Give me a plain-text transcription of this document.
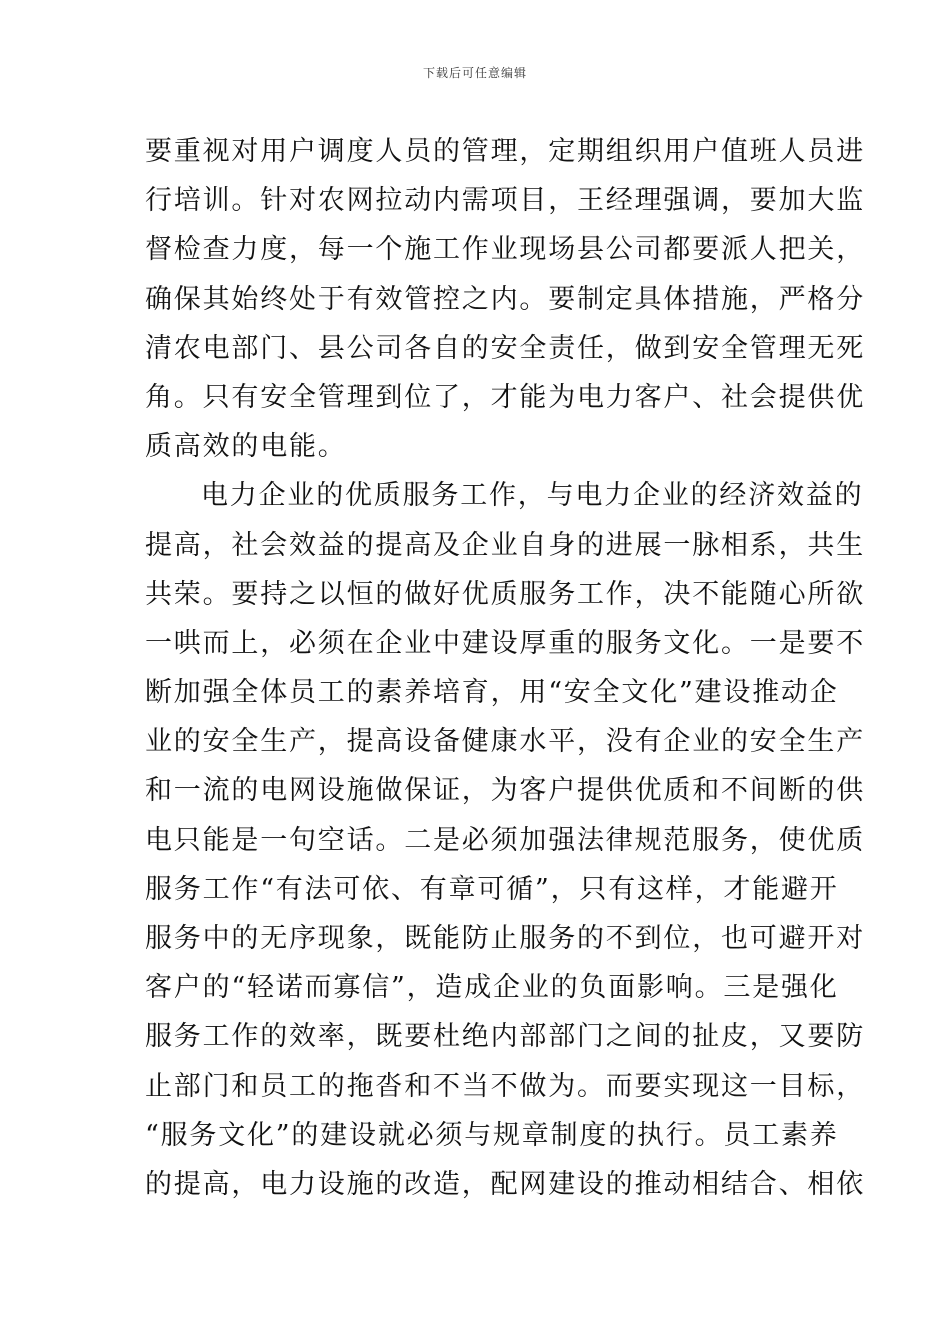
下载后可任意编辑
要重视对用户调度人员的管理，定期组织用户值班人员进
行培训。针对农网拉动内需项目，王经理强调，要加大监
督检查力度，每一个施工作业现场县公司都要派人把关，
确保其始终处于有效管控之内。要制定具体措施，严格分
清农电部门、县公司各自的安全责任，做到安全管理无死
角。只有安全管理到位了，才能为电力客户、社会提供优
质高效的电能。
电力企业的优质服务工作，与电力企业的经济效益的
提高，社会效益的提高及企业自身的进展一脉相系，共生
共荣。要持之以恒的做好优质服务工作，决不能随心所欲
一哄而上，必须在企业中建设厚重的服务文化。一是要不
断加强全体员工的素养培育，用“安全文化”建设推动企
业的安全生产，提高设备健康水平，没有企业的安全生产
和一流的电网设施做保证，为客户提供优质和不间断的供
电只能是一句空话。二是必须加强法律规范服务，使优质
服务工作“有法可依、有章可循”，只有这样，才能避开
服务中的无序现象，既能防止服务的不到位，也可避开对
客户的“轻诺而寡信”，造成企业的负面影响。三是强化
服务工作的效率，既要杜绝内部部门之间的扯皮，又要防
止部门和员工的拖沓和不当不做为。而要实现这一目标，
“服务文化”的建设就必须与规章制度的执行。员工素养
的提高，电力设施的改造，配网建设的推动相结合、相依
